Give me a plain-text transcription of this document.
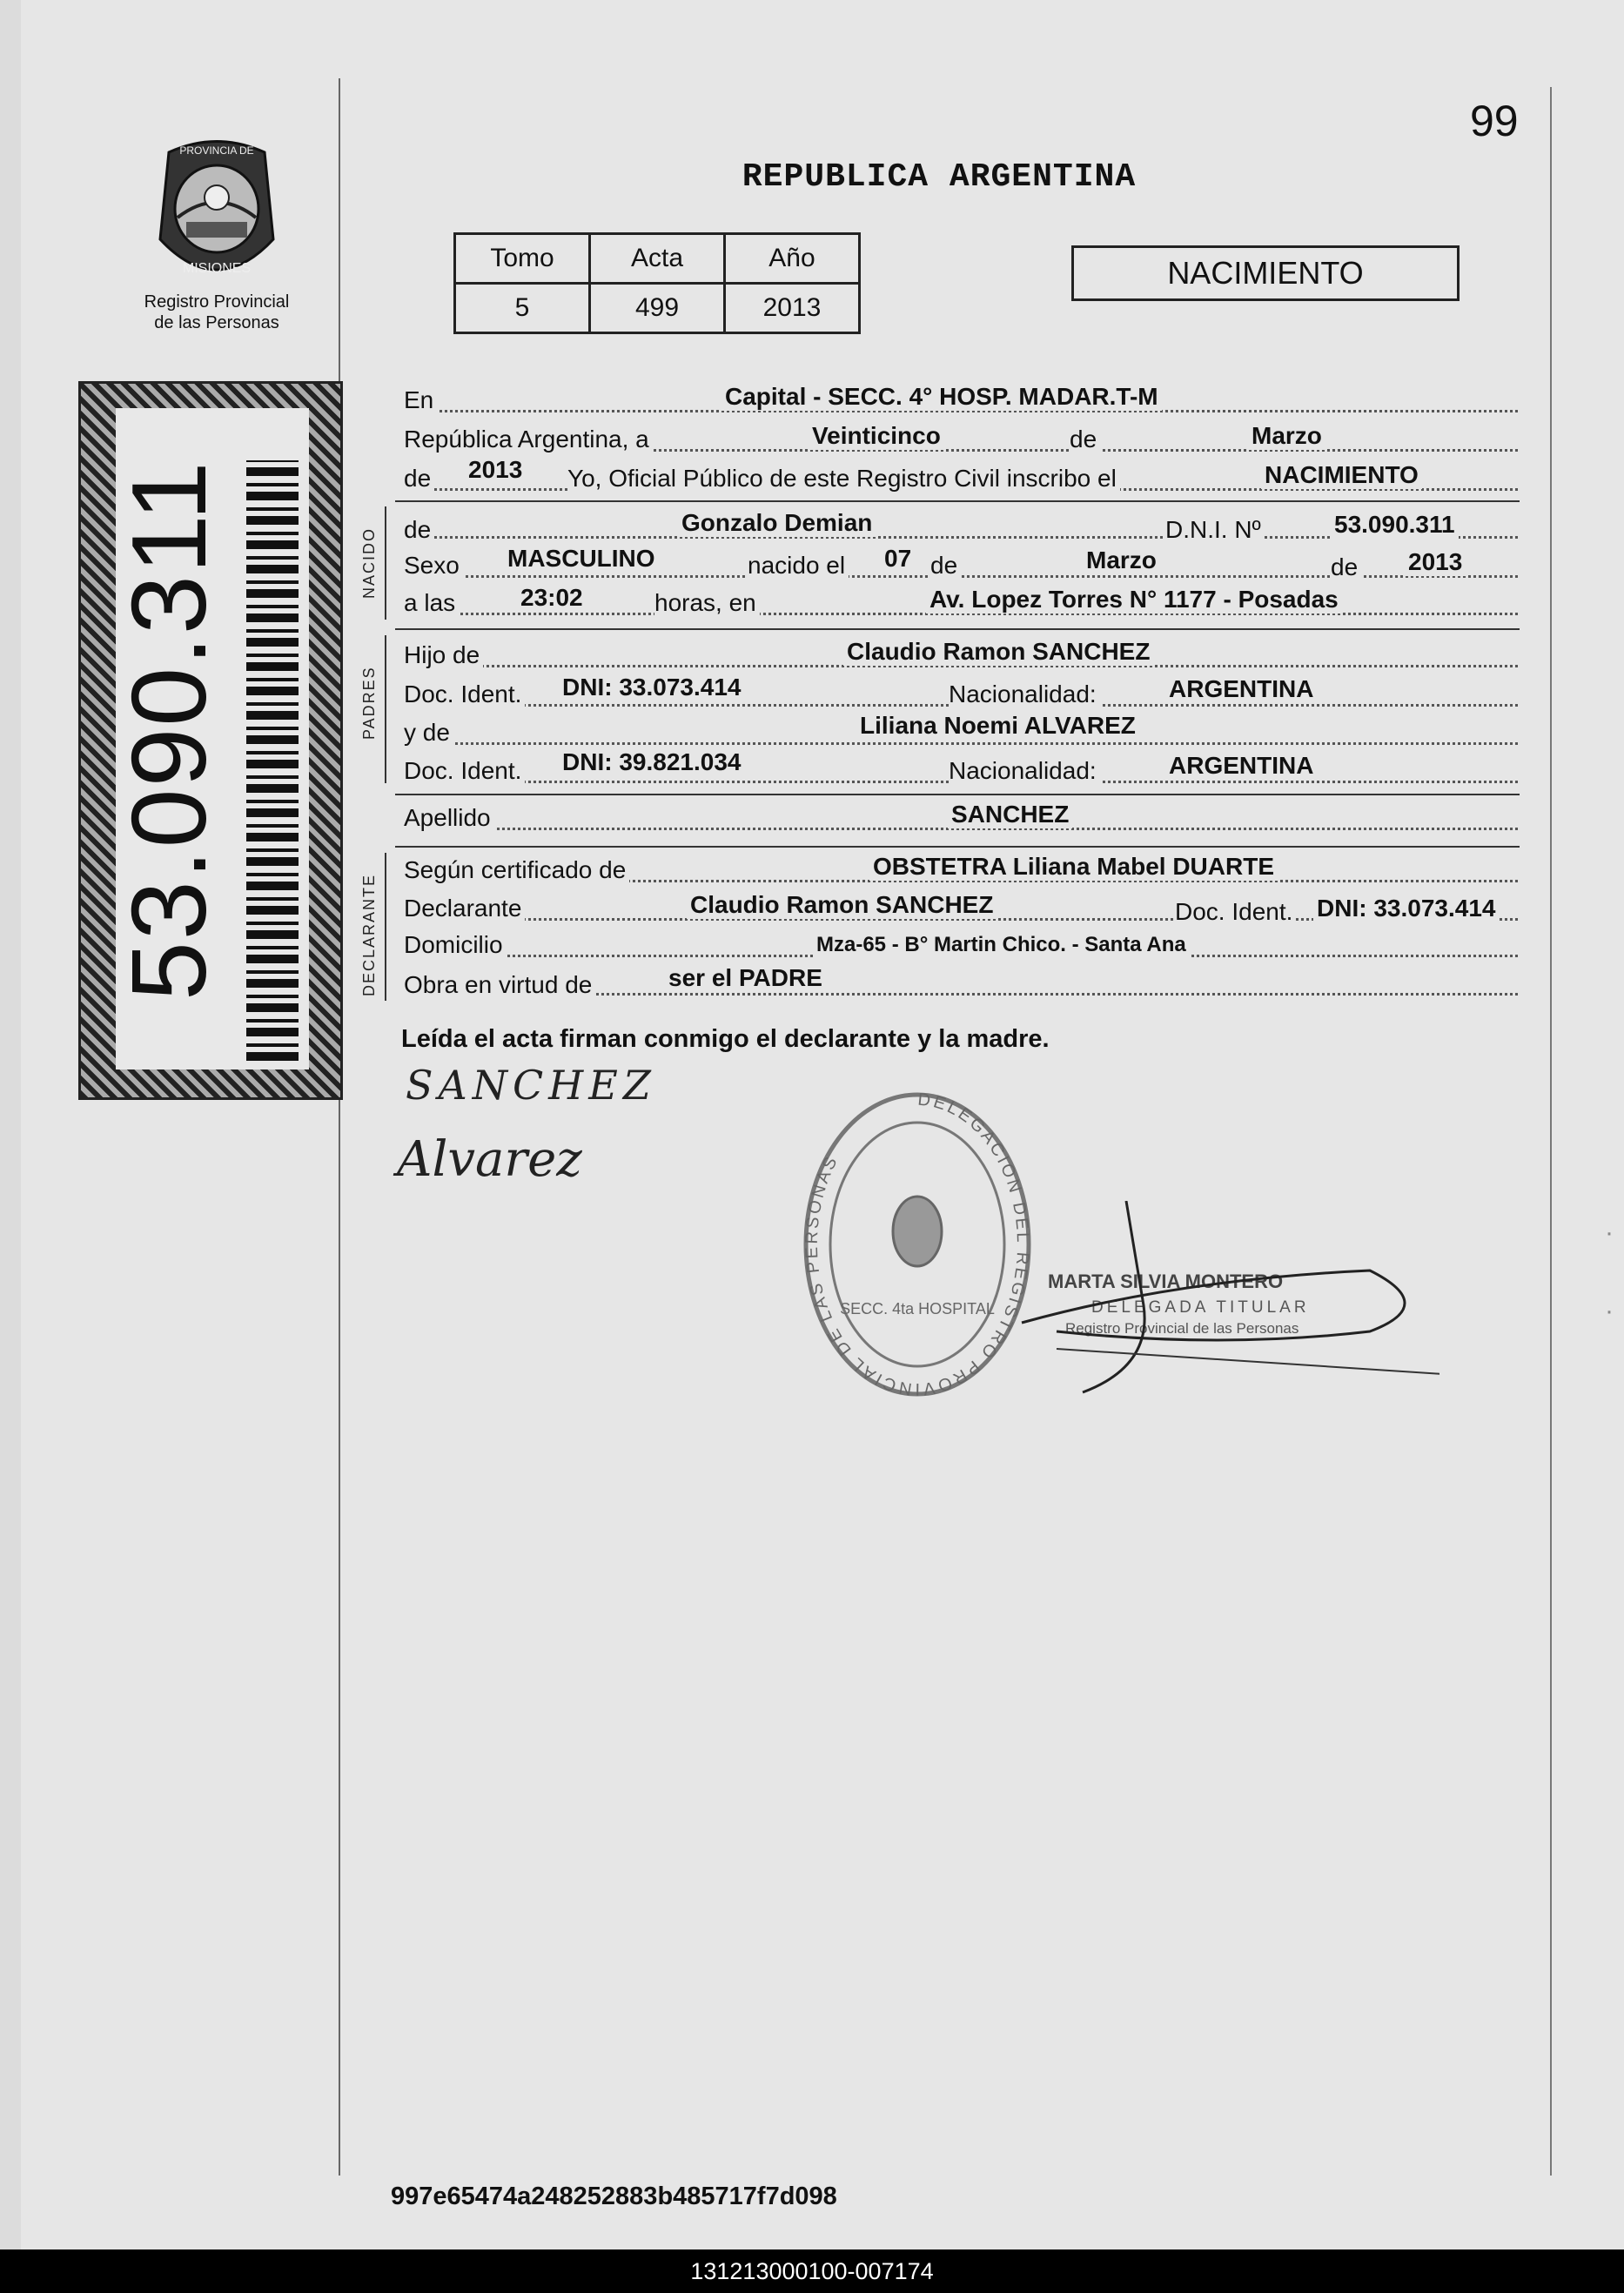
PROVINCIA DE
MISIONES
Registro Provincial
de las Personas
53.090.311
99
REPUBLICA ARGENTINA
Tomo	Acta	Año
5	499	2013
NACIMIENTO
En	Capital - SECC. 4° HOSP. MADAR.T-M
República Argentina, a	Veinticinco	de	Marzo
de 2013 Yo, Oficial Público de este Registro Civil inscribo el	NACIMIENTO
NACIDO de	Gonzalo Demian	D.N.I. Nº	53.090.311
Sexo MASCULINO	nacido el 07 de	Marzo	de 2013
a las	23:02	horas, en	Av. Lopez Torres N° 1177 - Posadas
PADRES
Hijo de	Claudio Ramon SANCHEZ
Doc. Ident. DNI: 33.073.414	Nacionalidad:	ARGENTINA
y de	Liliana Noemi ALVAREZ
Doc. Ident. DNI: 39.821.034	Nacionalidad:	ARGENTINA
Apellido	SANCHEZ
DECLARANTE
Según certificado de	OBSTETRA Liliana Mabel DUARTE
Declarante	Claudio Ramon SANCHEZ	Doc. Ident. DNI: 33.073.414
Domicilio	Mza-65 - B° Martin Chico. - Santa Ana
Obra en virtud de	ser el PADRE
Leída el acta firman conmigo el declarante y la madre.
SANCHEZ
Alvarez
DELEGACION DEL REGISTRO PROVINCIAL DE LAS PERSONAS
SECC. 4ta HOSPITAL
MARTA SILVIA MONTERO
DELEGADA TITULAR
Registro Provincial de las Personas
997e65474a248252883b485717f7d098
·
·
131213000100-007174
